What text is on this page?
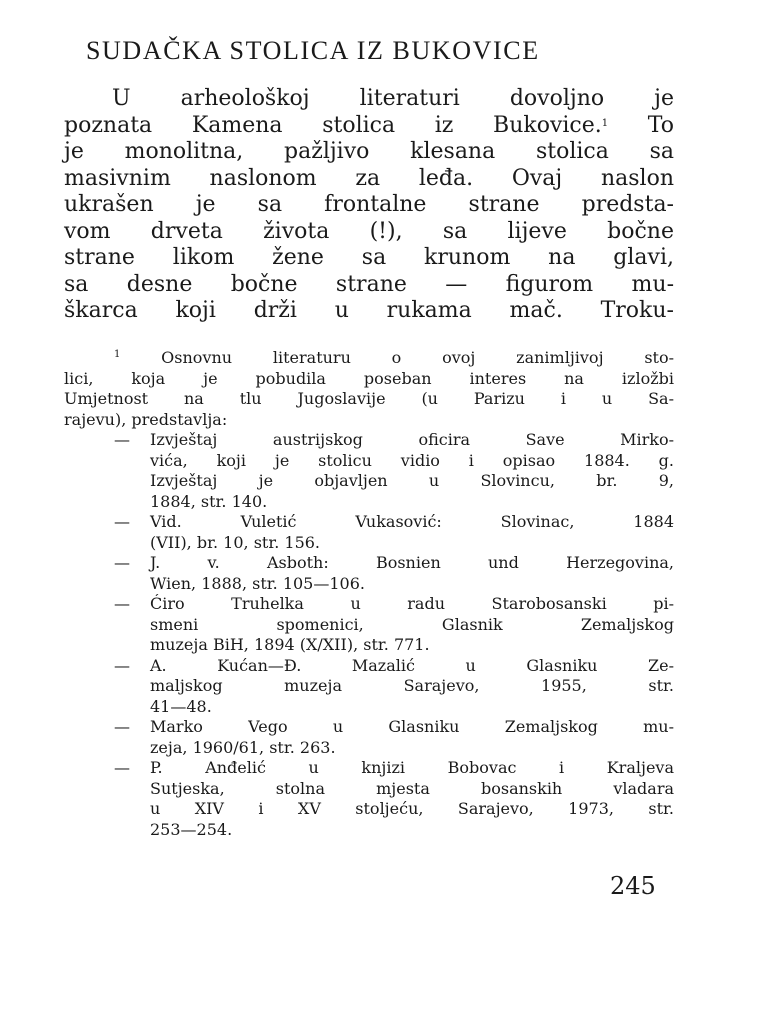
SUDAČKA STOLICA IZ BUKOVICE
U arheološkoj literaturi dovoljno je
poznata Kamena stolica iz Bukovice.$^1$ To
je monolitna, pažljivo klesana stolica sa
masivnim naslonom za leđa. Ovaj naslon
ukrašen je sa frontalne strane predsta-
vom drveta života (!), sa lijeve bočne
strane likom žene sa krunom na glavi,
sa desne bočne strane — figurom mu-
škarca koji drži u rukama mač. Troku-
$^1$	Osnovnu literaturu o ovoj zanimljivoj sto-
lici, koja je pobudila poseban interes na izložbi
Umjetnost na tlu Jugoslavije (u Parizu i u Sa-
rajevu), predstavlja:
— Izvještaj austrijskog oficira Save Mirko-
vića, koji je stolicu vidio i opisao 1884. g.
Izvještaj je objavljen u Slovincu, br. 9,
1884, str. 140.
— Vid. Vuletić Vukasović: Slovinac, 1884
(VII), br. 10, str. 156.
— J. v. Asboth: Bosnien und Herzegovina,
Wien, 1888, str. 105—106.
— Ćiro Truhelka u radu Starobosanski pi-
smeni spomenici, Glasnik Zemaljskog
muzeja BiH, 1894 (X/XII), str. 771.
— A. Kućan—Đ. Mazalić u Glasniku Ze-
maljskog muzeja Sarajevo, 1955, str.
41—48.
— Marko Vego u Glasniku Zemaljskog mu-
zeja, 1960/61, str. 263.
— P. Anđelić u knjizi Bobovac i Kraljeva
Sutjeska, stolna mjesta bosanskih vladara
u XIV i XV stoljeću, Sarajevo, 1973, str.
253—254.
245
